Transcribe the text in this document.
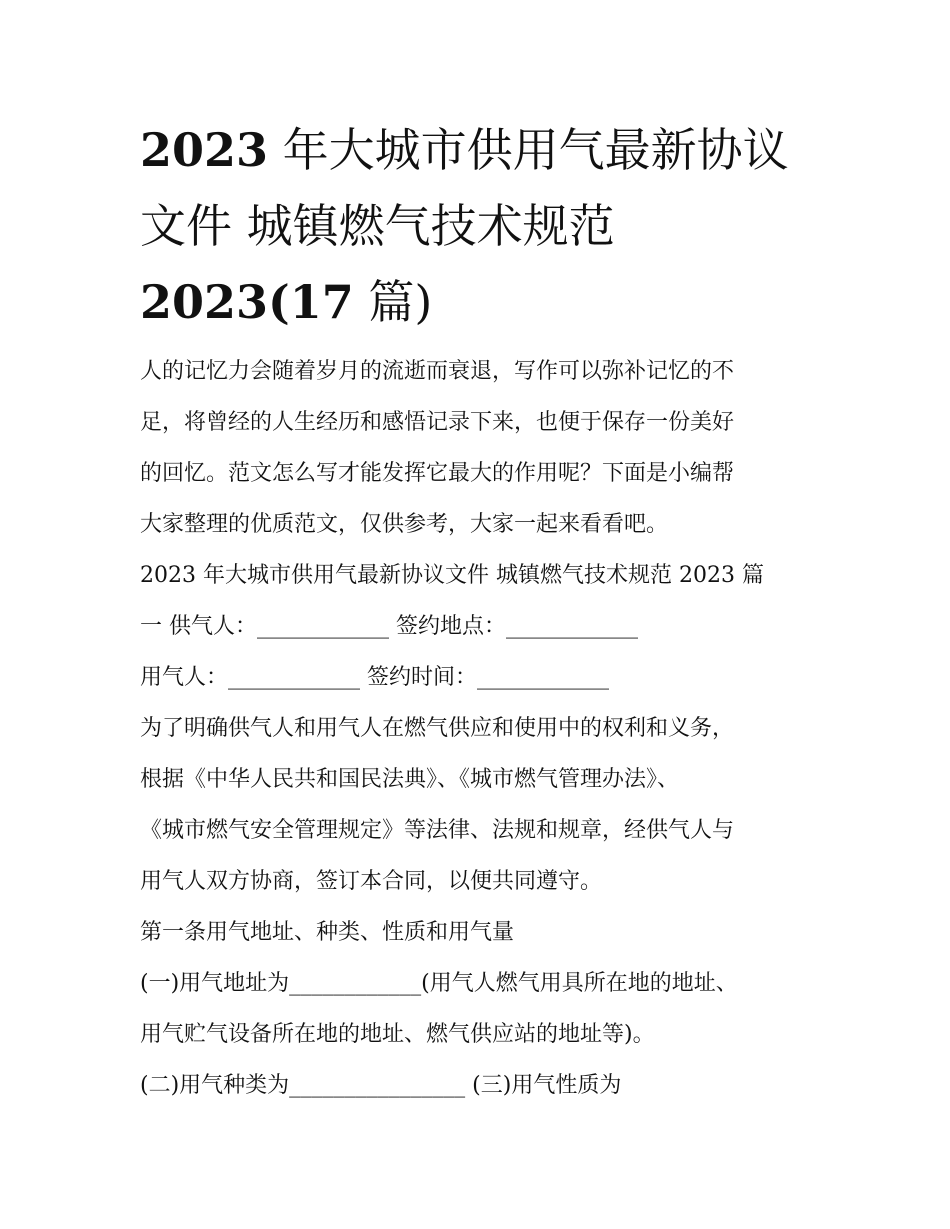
2023 年大城市供用气最新协议
文件 城镇燃气技术规范
2023(17 篇)
人的记忆力会随着岁月的流逝而衰退，写作可以弥补记忆的不
足，将曾经的人生经历和感悟记录下来，也便于保存一份美好
的回忆。范文怎么写才能发挥它最大的作用呢？下面是小编帮
大家整理的优质范文，仅供参考，大家一起来看看吧。
2023 年大城市供用气最新协议文件 城镇燃气技术规范 2023 篇
一 供气人：____________ 签约地点：____________
用气人：____________ 签约时间：____________
为了明确供气人和用气人在燃气供应和使用中的权利和义务，
根据《中华人民共和国民法典》、《城市燃气管理办法》、
《城市燃气安全管理规定》等法律、法规和规章，经供气人与
用气人双方协商，签订本合同，以便共同遵守。
第一条用气地址、种类、性质和用气量
(一)用气地址为____________(用气人燃气用具所在地的地址、
用气贮气设备所在地的地址、燃气供应站的地址等)。
(二)用气种类为________________ (三)用气性质为
